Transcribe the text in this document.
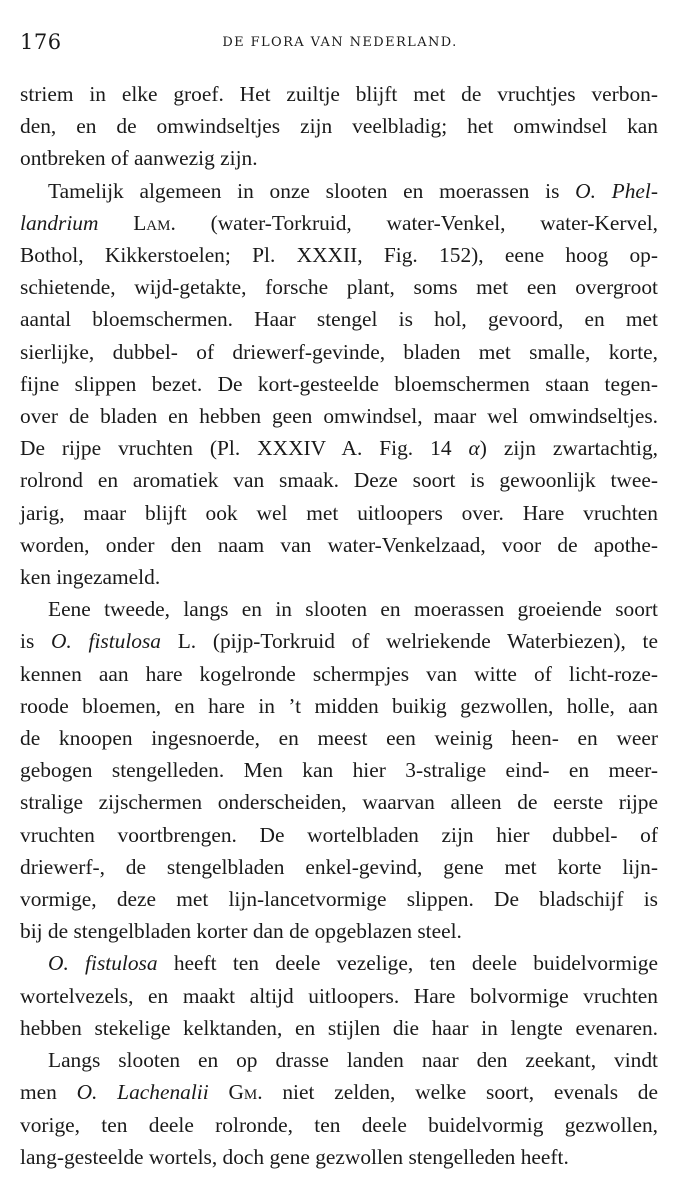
176	DE FLORA VAN NEDERLAND.
striem in elke groef. Het zuiltje blijft met de vruchtjes verbon-
den, en de omwindseltjes zijn veelbladig; het omwindsel kan
ontbreken of aanwezig zijn.
Tamelijk algemeen in onze slooten en moerassen is O. Phel-
landrium Lam. (water-Torkruid, water-Venkel, water-Kervel,
Bothol, Kikkerstoelen; Pl. XXXII, Fig. 152), eene hoog op-
schietende, wijd-getakte, forsche plant, soms met een overgroot
aantal bloemschermen. Haar stengel is hol, gevoord, en met
sierlijke, dubbel- of driewerf-gevinde, bladen met smalle, korte,
fijne slippen bezet. De kort-gesteelde bloemschermen staan tegen-
over de bladen en hebben geen omwindsel, maar wel omwindseltjes.
De rijpe vruchten (Pl. XXXIV A. Fig. 14 α) zijn zwartachtig,
rolrond en aromatiek van smaak. Deze soort is gewoonlijk twee-
jarig, maar blijft ook wel met uitloopers over. Hare vruchten
worden, onder den naam van water-Venkelzaad, voor de apothe-
ken ingezameld.
Eene tweede, langs en in slooten en moerassen groeiende soort
is O. fistulosa L. (pijp-Torkruid of welriekende Waterbiezen), te
kennen aan hare kogelronde schermpjes van witte of licht-roze-
roode bloemen, en hare in ’t midden buikig gezwollen, holle, aan
de knoopen ingesnoerde, en meest een weinig heen- en weer
gebogen stengelleden. Men kan hier 3-stralige eind- en meer-
stralige zijschermen onderscheiden, waarvan alleen de eerste rijpe
vruchten voortbrengen. De wortelbladen zijn hier dubbel- of
driewerf-, de stengelbladen enkel-gevind, gene met korte lijn-
vormige, deze met lijn-lancetvormige slippen. De bladschijf is
bij de stengelbladen korter dan de opgeblazen steel.
O. fistulosa heeft ten deele vezelige, ten deele buidelvormige
wortelvezels, en maakt altijd uitloopers. Hare bolvormige vruchten
hebben stekelige kelktanden, en stijlen die haar in lengte evenaren.
Langs slooten en op drasse landen naar den zeekant, vindt
men O. Lachenalii Gm. niet zelden, welke soort, evenals de
vorige, ten deele rolronde, ten deele buidelvormig gezwollen,
lang-gesteelde wortels, doch gene gezwollen stengelleden heeft.
